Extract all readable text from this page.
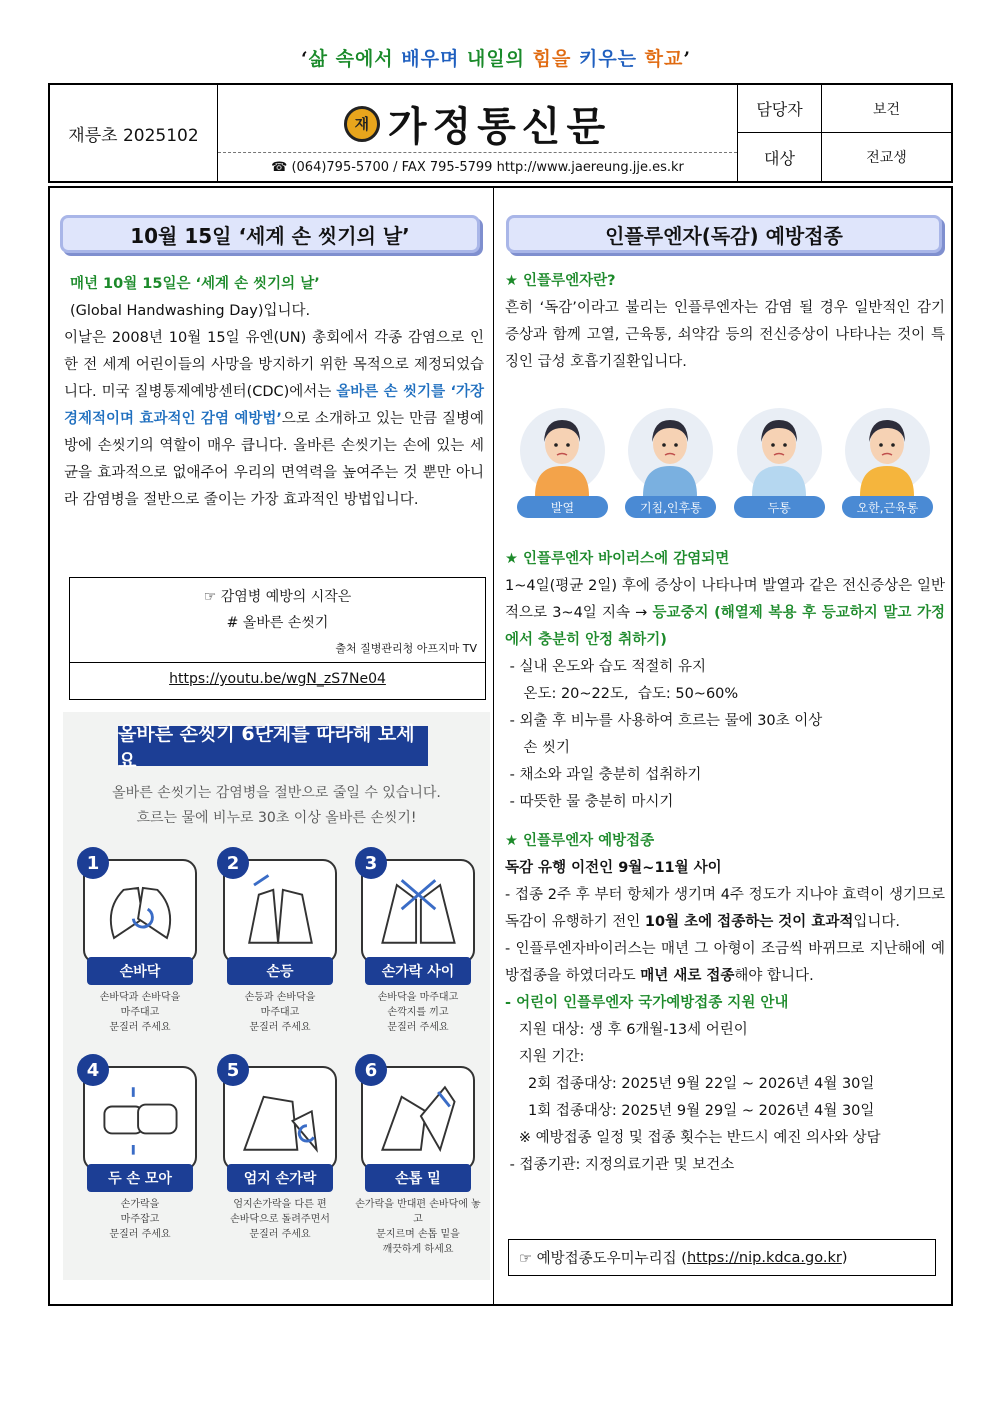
‘삶 속에서 배우며 내일의 힘을 키우는 학교’
재릉초 2025102
재 가정통신문
☎ (064)795-5700 / FAX 795-5799 http://www.jaereung.jje.es.kr
담당자	보건
대상	전교생
10월 15일 ‘세계 손 씻기의 날’
매년 10월 15일은 ‘세계 손 씻기의 날’
(Global Handwashing Day)입니다.
이날은 2008년 10월 15일 유엔(UN) 총회에서 각종 감염으로 인한 전 세계 어린이들의 사망을 방지하기 위한 목적으로 제정되었습니다. 미국 질병통제예방센터(CDC)에서는 올바른 손 씻기를 ‘가장 경제적이며 효과적인 감염 예방법’으로 소개하고 있는 만큼 질병예방에 손씻기의 역할이 매우 큽니다. 올바른 손씻기는 손에 있는 세균을 효과적으로 없애주어 우리의 면역력을 높여주는 것 뿐만 아니라 감염병을 절반으로 줄이는 가장 효과적인 방법입니다.
☞ 감염병 예방의 시작은
# 올바른 손씻기
출처 질병관리청 아프지마 TV
https://youtu.be/wgN_zS7Ne04
올바른 손씻기 6단계를 따라해 보세요
올바른 손씻기는 감염병을 절반으로 줄일 수 있습니다.
흐르는 물에 비누로 30초 이상 올바른 손씻기!
1
손바닥
손바닥과 손바닥을
마주대고
문질러 주세요
2
손등
손등과 손바닥을
마주대고
문질러 주세요
3
손가락 사이
손바닥을 마주대고
손깍지를 끼고
문질러 주세요
4
두 손 모아
손가락을
마주잡고
문질러 주세요
5
엄지 손가락
엄지손가락을 다른 편
손바닥으로 돌려주면서
문질러 주세요
6
손톱 밑
손가락을 반대편 손바닥에 놓고
문지르며 손톱 밑을
깨끗하게 하세요
인플루엔자(독감) 예방접종
★ 인플루엔자란?
흔히 ‘독감’이라고 불리는 인플루엔자는 감염 될 경우 일반적인 감기 증상과 함께 고열, 근육통, 쇠약감 등의 전신증상이 나타나는 것이 특징인 급성 호흡기질환입니다.
발열	기침,인후통	두통	오한,근육통
★ 인플루엔자 바이러스에 감염되면
1~4일(평균 2일) 후에 증상이 나타나며 발열과 같은 전신증상은 일반적으로 3~4일 지속 → 등교중지 (해열제 복용 후 등교하지 말고 가정에서 충분히 안정 취하기)
- 실내 온도와 습도 적절히 유지
온도: 20~22도,  습도: 50~60%
- 외출 후 비누를 사용하여 흐르는 물에 30초 이상
손 씻기
- 채소와 과일 충분히 섭취하기
- 따뜻한 물 충분히 마시기
★ 인플루엔자 예방접종
독감 유행 이전인 9월~11월 사이
- 접종 2주 후 부터 항체가 생기며 4주 정도가 지나야 효력이 생기므로 독감이 유행하기 전인 10월 초에 접종하는 것이 효과적입니다.
- 인플루엔자바이러스는 매년 그 아형이 조금씩 바뀌므로 지난해에 예방접종을 하였더라도 매년 새로 접종해야 합니다.
- 어린이 인플루엔자 국가예방접종 지원 안내
지원 대상: 생 후 6개월-13세 어린이
지원 기간:
2회 접종대상: 2025년 9월 22일 ~ 2026년 4월 30일
1회 접종대상: 2025년 9월 29일 ~ 2026년 4월 30일
※ 예방접종 일정 및 접종 횟수는 반드시 예진 의사와 상담
- 접종기관: 지정의료기관 및 보건소
☞ 예방접종도우미누리집 ( https://nip.kdca.go.kr )
